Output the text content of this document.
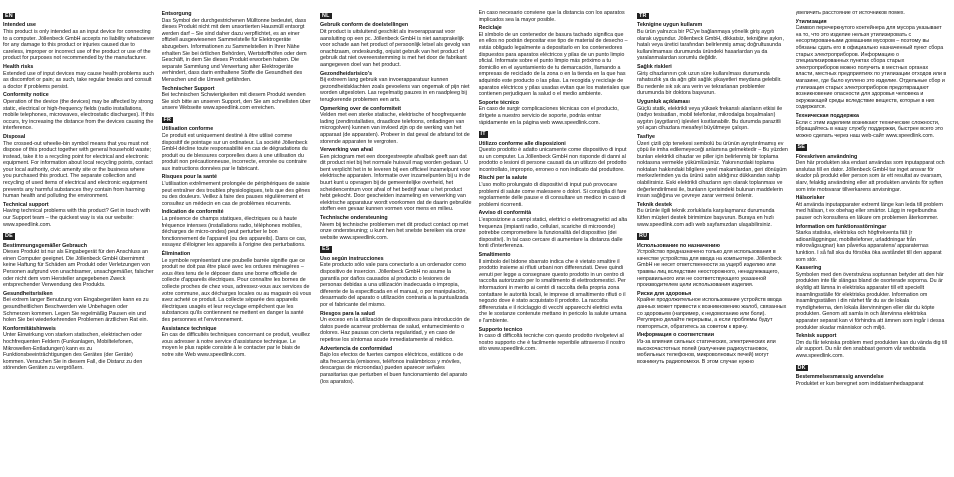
EN
Intended use
This product is only intended as an input device for connecting to a computer. Jöllenbeck GmbH accepts no liability whatsoever for any damage to this product or injuries caused due to careless, improper or incorrect use of the product or use of the product for purposes not recommended by the manufacturer.
Health risks
Extended use of input devices may cause health problems such as discomfort or pain; as such, take regular breaks and consult a doctor if problems persist.
Conformity notice
Operation of the device (the devices) may be affected by strong static, electrical or high-frequency fields (radio installations, mobile telephones, microwaves, electrostatic discharges). If this occurs, try increasing the distance from the devices causing the interference.
Disposal
The crossed-out wheelie-bin symbol means that you must not dispose of this product together with general household waste; instead, take it to a recycling point for electrical and electronic equipment. For information about local recycling points, contact your local authority, civic amenity site or the business where you purchased this product. The separate collection and recycling of used items of electrical and electronic equipment prevents any harmful substances they contain from harming human health and polluting the environment.
Technical support
Having technical problems with this product? Get in touch with our Support team – the quickest way is via our website: www.speedlink.com.
DE
Bestimmungsgemäßer Gebrauch
Dieses Produkt ist nur als Eingabegerät für den Anschluss an einen Computer geeignet. Die Jöllenbeck GmbH übernimmt keine Haftung für Schäden am Produkt oder Verletzungen von Personen aufgrund von unachtsamer, unsachgemäßer, falscher oder nicht dem vom Hersteller angegebenen Zweck entsprechender Verwendung des Produkts.
Gesundheitsrisiken
Bei extrem langer Benutzung von Eingabegeräten kann es zu gesundheitlichen Beschwerden wie Unbehagen oder Schmerzen kommen. Legen Sie regelmäßig Pausen ein und holen Sie bei wiederkehrenden Problemen ärztlichen Rat ein.
Konformitätshinweis
Unter Einwirkung von starken statischen, elektrischen oder hochfrequenten Feldern (Funkanlagen, Mobiltelefonen, Mikrowellen-Entladungen) kann es zu Funktionsbeeinträchtigungen des Gerätes (der Geräte) kommen. Versuchen Sie in diesem Fall, die Distanz zu den störenden Geräten zu vergrößern.
Entsorgung
Das Symbol der durchgestrichenen Mülltonne bedeutet, dass dieses Produkt nicht mit dem unsortierten Hausmüll entsorgt werden darf – Sie sind daher dazu verpflichtet, es an einer offiziell ausgewiesenen Sammelstelle für Elektrogeräte abzugeben. Informationen zu Sammelstellen in Ihrer Nähe erhalten Sie bei örtlichen Behörden, Wertstoffhöfen oder dem Geschäft, in dem Sie dieses Produkt erworben haben. Die separate Sammlung und Verwertung alter Elektrogeräte verhindert, dass darin enthaltene Stoffe die Gesundheit des Menschen und die Umwelt gefährden.
Technischer Support
Bei technischen Schwierigkeiten mit diesem Produkt wenden Sie sich bitte an unseren Support, den Sie am schnellsten über unsere Webseite www.speedlink.com erreichen.
FR
Utilisation conforme
Ce produit est uniquement destiné à être utilisé comme dispositif de pointage sur un ordinateur. La société Jöllenbeck GmbH décline toute responsabilité en cas de dégradations du produit ou de blessures corporelles dues à une utilisation du produit non précautionneuse, incorrecte, erronée ou contraire aux instructions données par le fabricant.
Risques pour la santé
L'utilisation extrêmement prolongée de périphériques de saisie peut entraîner des troubles physiologiques, tels que des gênes ou des douleurs. Veillez à faire des pauses régulièrement et consultez un médecin en cas de problèmes récurrents.
Indication de conformité
La présence de champs statiques, électriques ou à haute fréquence intenses (installations radio, téléphones mobiles, décharges de micro-ondes) peut perturber le bon fonctionnement de l'appareil (ou des appareils). Dans ce cas, essayez d'éloigner les appareils à l'origine des perturbations.
Élimination
Le symbole représentant une poubelle barrée signifie que ce produit ne doit pas être placé avec les ordures ménagères – vous êtes tenu de le déposer dans une borne officielle de collecte d'appareils électriques. Pour connaître les bornes de collecte proches de chez vous, adressez-vous aux services de votre commune, aux décharges locales ou au magasin où vous avez acheté ce produit. La collecte séparée des appareils électriques usagés et leur recyclage empêchent que les substances qu'ils contiennent ne mettent en danger la santé des personnes et l'environnement.
Assistance technique
En cas de difficultés techniques concernant ce produit, veuillez vous adresser à notre service d'assistance technique. Le moyen le plus rapide consiste à le contacter par le biais de notre site Web www.speedlink.com.
NL
Gebruik conform de doelstellingen
Dit product is uitsluitend geschikt als invoerapparaat voor aansluiting op een pc. Jöllenbeck GmbH is niet aansprakelijk voor schade aan het product of persoonlijk letsel als gevolg van onachtzaam, ondeskundig, onjuist gebruik van het product of gebruik dat niet overeenstemming is met het door de fabrikant aangegeven doel van het product.
Gezondheidsrisico's
Bij extreem lang gebruik van invoerapparatuur kunnen gezondheidsklachten zoals gevoelens van ongemak of pijn niet worden uitgesloten. Las regelmatig pauzes in en raadpleeg bij terugkerende problemen een arts.
Opmerking over de conformiteit
Velden met een sterke statische, elektrische of hoogfrequente lading (zendinstallaties, draadloze telefoons, ontladingen van microgolven) kunnen van invloed zijn op de werking van het apparaat (de apparaten). Probeer in dat geval de afstand tot de storende apparaten te vergroten.
Verwerking van afval
Een pictogram met een doorgestreepte afvalbak geeft aan dat dit product niet bij het normale huisvuil mag worden gedaan. U bent verplicht het in te leveren bij een officieel inzamelpunt voor elektrische apparaten. Informatie over inzamelpunten bij u in de buurt kunt u opvragen bij de gemeentelijke overheid, het scheidencentrum voor afval of het bedrijf waar u het product hebt gekocht. Door gescheiden inzameling en verwerking van elektrische apparatuur wordt voorkomen dat de daarin gebruikte stoffen een gevaar kunnen vormen voor mens en milieu.
Technische ondersteuning
Neem bij technische problemen met dit product contact op met onze ondersteuning; u kunt hen het snelste bereiken via onze website www.speedlink.com.
ES
Uso según instrucciones
Este producto sólo vale para conectarlo a un ordenador como dispositivo de insercion. Jöllenbeck GmbH no asume la garantía por daños causados al producto o lesiones de personas debidas a una utilización inadecuada o impropia, diferente de la especificada en el manual, o por manipulación, desarmado del aparato o utilización contraria a la puntualizada por el fabricante del mismo.
Riesgos para la salud
Un exceso en la utilización de dispositivos para introducción de datos puede acarrear problemas de salud, entumecimiento o dolores. Haz pausas con cierta regularidad, y en caso de repetirse los síntomas acude inmediatamente al médico.
Advertencia de conformidad
Bajo los efectos de fuertes campos eléctricos, estáticos o de alta frecuencia (emisores, teléfonos inalámbricos y móviles, descargas de microondas) pueden aparecer señales parasitarias que perturben el buen funcionamiento del aparato (los aparatos).
En caso necesario conviene que la distancia con los aparatos implicados sea la mayor posible.
Reciclaje
El símbolo de un contenedor de basura tachado significa que en ellos no podrán depositar ese tipo de material de desecho – estás obligado legalmente a depositarlo en los contenedores dispuestos para aparatos eléctricos y pilas de un punto limpio oficial. Informate sobre el punto limpio más próximo a tu domicilio en el ayuntamiento de tu demarcación, llamando a empresas de reciclado de la zona o en la tienda en la que has adquirido este producto o las pilas. La recogida y reciclaje de aparatos eléctricos y pilas usadas evitan que los materiales que contienen perjudiquen la salud o el medio ambiente.
Soporte técnico
En caso de surgir complicaciones técnicas con el producto, dirígete a nuestro servicio de soporte, podrás entrar rápidamente en la página web www.speedlink.com.
IT
Utilizzo conforme alle disposizioni
Questo prodotto è adatto unicamente come dispositivo di input su un computer. La Jöllenbeck GmbH non risponde di danni al prodotto o lesioni di persone causati da un utilizzo del prodotto incontrollato, improprio, erroneo o non indicato dal produttore.
Rischi per la salute
L'uso molto prolungato di dispositivi di input può provocare problemi di salute come malessere o dolori. Si consiglia di fare regolarmente delle pause e di consultare un medico in caso di problemi ricorrenti.
Avviso di conformità
L'esposizione a campi statici, elettrici o elettromagnetici ad alta frequenza (impianti radio, cellulari, scariche di microonde) potrebbe compromettere la funzionalità del dispositivo (dei dispositivi). In tal caso cercare di aumentare la distanza dalle fonti d'interferenza.
Smaltimento
Il simbolo del bidone sbarrato indica che è vietato smaltire il prodotto insieme ai rifiuti urbani non differenziati. Deve quindi venuti per legge a consegnare questo prodotto in un centro di raccolta autorizzato per lo smaltimento di elettrodomestici. Per informazioni in merito ai centri di raccolta della propria zona contattare le autorità locali, le imprese di smaltimento rifiuti o il negozio dove è stato acquistato il prodotto. La raccolta differenziata e il riciclaggio di vecchi apparecchi elettrici evita che le sostanze contenute mettano in pericolo la salute umana e l'ambiente.
Supporto tecnico
In caso di difficoltà tecniche con questo prodotto rivolgetevi al nostro supporto che è facilmente reperibile attraverso il nostro sito www.speedlink.com.
TR
Teknigine uygun kullanım
Bu ürün yalnızca bir PC'ye bağlanmaya yönelik giriş aygıtı olarak uygundur. Jöllenbeck GmbH, dikkatsiz, tekniğine aykırı, hatalı veya üretici tarafından belirlenmiş amaç doğrultusunda kullanılmaması durumunda üründeki hasarlardan ya da yaralanmalardan sorumlu değildir.
Sağlık riskleri
Giriş cihazlarının çok uzun süre kullanılması durumunda rahatsızlık ya da ağrı gibi sağlık şikayetleri meydana gelebilir. Bu nedenle sık sık ara verin ve tekrarlanan problemler durumunda bir doktora başvurun.
Uygunluk açıklaması
Güçlü statik, elektrikli veya yüksek frekanslı alanların etkisi ile (radyo tesisatları, mobil telefonlar, mikrodalga boşalmaları) aygıtın (aygıtların) işlevleri kısıtlanabilir. Bu durumda parazitli yol açan cihazlara mesafeyi büyütmeye çalışın.
Tasfiye
Üzeri çizili çöp tenekesi sembolü bu ürünün ayrıştırılmamış ev çöpü ile imha edilemeyeceği anlamına gelmektedir – Bu yüzden bunları elektrikli cihazlar ve piller için belirlenmiş bir toplama noktasına vermekle yükümlüsünüz. Yakınınızdaki toplama noktaları hakkındaki bilgilere yerel makamlardan, geri dönüşüm merkezlerinden ya da ürünü satın aldığınız dükkandan sahip olabilirsiniz. Eski elektrikli cihazların ayrı olarak toplanması ve değerlendirilmesi ile, bunların içerisindeki bulunan maddelerin insan sağlığına ve çevreye zarar vermesi önlenir.
Teknik destek
Bu ürünle ilgili teknik zorluklarla karşılaşmanız durumunda lütfen müşteri destek birimimize başvurun. Buraya en hızlı www.speedlink.com adlı web sayfamızdan ulaşabilirsiniz.
RU
Использование по назначению
Устройство предназначено только для использования в качестве устройства для ввода на компьютере. Jöllenbeck GmbH не несет ответственности за ущерб изделию или травмы лиц вследствие неосторожного, ненадлежащего, неправильного или не соответствующего указанной производителем цели использования изделия.
Риски для здоровья
Крайне продолжительное использование устройств ввода данных может привести к возникновению жалоб, связанных со здоровьем (например, к недомоганию или боли). Регулярно делайте перерывы, а если проблемы будут повторяться, обратитесь за советом к врачу.
Информация о соответствии
Из-за влияния сильных статических, электрических или высокочастотных полей (излучение радиоустановок, мобильных телефонов, микроволновых печей) могут возникнуть радиопомехи. В этом случае нужно
увеличить расстояние от источников помех.
Утилизация
Символ перечеркнутого контейнера для мусора указывает на то, что это изделие нельзя утилизировать с несортированными домашним мусором – поэтому вы обязаны сдать его в официально назначенный пункт сбора старых электроприборов. Информацию о специализированных пунктах сбора старых электроприборов можно получить в местных органах власти, местных предприятиях по утилизации отходов или в магазине, где было куплено это изделие. Отдельные сбор и утилизация старых электроприборов предотвращают возникновение опасности для здоровья человека и окружающей среды вследствие веществ, которые в них содержатся.
Техническая поддержка
Если с этим изделием возникают технические сложности, обращайтесь в нашу службу поддержки, быстрее всего это можно сделать через наш web-сайт www.speedlink.com.
SE
Föreskriven användning
Den här produkten ska endast användas som inputapparat och anslutas till en dator. Jöllenbeck GmbH tar inget ansvar för skador på produkt eller person som är ett resultat av ovarsam, slarv, felaktig användning eller att produkten använts för syften som inte motsvarar tillverkarens anvisningar.
Hälsorisker
Att använda inputapparater extremt länge kan leda till problem med hälsan, t ex obehag eller smärtor. Lägg in regelbundna pauser och konsultera en läkare om problemen återkommer.
Information om funktionsstörningar
Starka statiska, elektriska och högfrekventa fält (r adioanläggningar, mobiltelefoner, urladdningar från mikrovågsugnar) kan påverka apparatens/ apparaternas funktion. I så fall ska du försöka öka avståndet till den apparat som stör.
Kassering
Symbolen med den överstrukna soptunnan betyder att den här produkten inte får slängas bland de osorterade soporna. Du är skyldig att lämna in elektriska apparater till ett speciellt insamlingsställe för elektriska produkter. Information om insamlingsställen i din närhet får du av de lokala myndigheterna, den lokala återvinningen eller där du köpte produkten. Genom att samla in och återvinna elektriska apparater separat kan vi förhindra att ämnen som ingår i dessa produkter skadar människor och miljö.
Teknisk support
Om du får tekniska problem med produkten kan du vända dig till vår support. Du når den snabbast genom vår webbsida www.speedlink.com.
DK
Bestemmelsesmæssig anvendelse
Produktet er kun beregnet som inddataenhedsapparat
